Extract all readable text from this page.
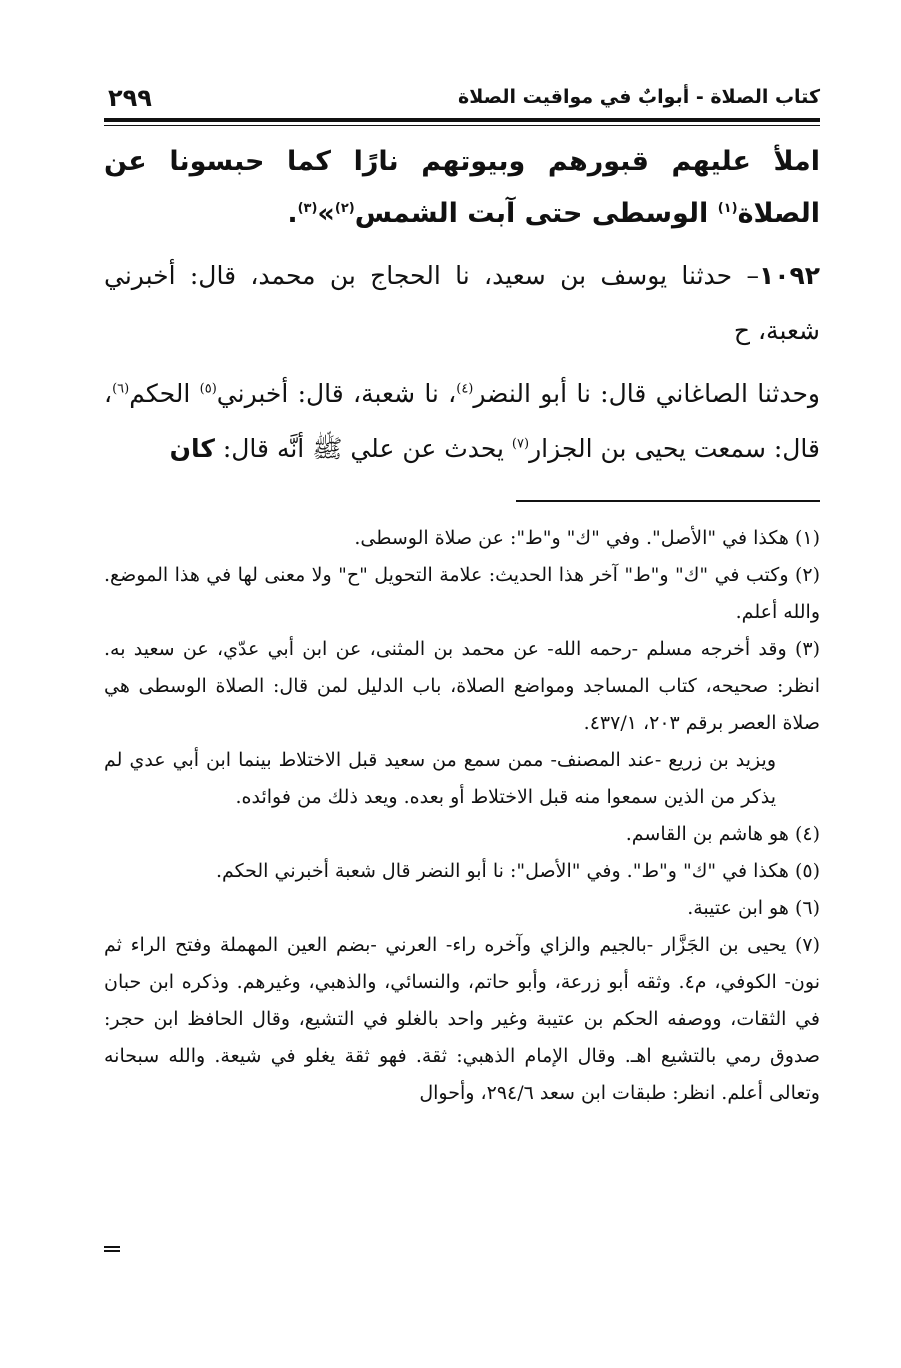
كتاب الصلاة - أبوابٌ في مواقيت الصلاة
٢٩٩

املأ عليهم قبورهم وبيوتهم نارًا كما حبسونا عن الصلاة$^{(١)}$ الوسطى حتى آبت الشمس$^{(٢)}$»$^{(٣)}$.

١٠٩٢– حدثنا يوسف بن سعيد، نا الحجاج بن محمد، قال: أخبرني شعبة، ح

وحدثنا الصاغاني قال: نا أبو النضر$^{(٤)}$، نا شعبة، قال: أخبرني$^{(٥)}$ الحكم$^{(٦)}$، قال: سمعت يحيى بن الجزار$^{(٧)}$ يحدث عن علي ﷺ أنَّه قال: كان

(١) هكذا في "الأصل". وفي "ك" و"ط": عن صلاة الوسطى.

(٢) وكتب في "ك" و"ط" آخر هذا الحديث: علامة التحويل "ح" ولا معنى لها في هذا الموضع. والله أعلم.

(٣) وقد أخرجه مسلم -رحمه الله- عن محمد بن المثنى، عن ابن أبي عدّي، عن سعيد به. انظر: صحيحه، كتاب المساجد ومواضع الصلاة، باب الدليل لمن قال: الصلاة الوسطى هي صلاة العصر برقم ٢٠٣، ٤٣٧/١.

ويزيد بن زريع -عند المصنف- ممن سمع من سعيد قبل الاختلاط بينما ابن أبي عدي لم يذكر من الذين سمعوا منه قبل الاختلاط أو بعده. ويعد ذلك من فوائده.

(٤) هو هاشم بن القاسم.

(٥) هكذا في "ك" و"ط". وفي "الأصل": نا أبو النضر قال شعبة أخبرني الحكم.

(٦) هو ابن عتيبة.

(٧) يحيى بن الجَزَّار -بالجيم والزاي وآخره راء- العرني -بضم العين المهملة وفتح الراء ثم نون- الكوفي، م٤. وثقه أبو زرعة، وأبو حاتم، والنسائي، والذهبي، وغيرهم. وذكره ابن حبان في الثقات، ووصفه الحكم بن عتيبة وغير واحد بالغلو في التشيع، وقال الحافظ ابن حجر: صدوق رمي بالتشيع اهـ. وقال الإمام الذهبي: ثقة. فهو ثقة يغلو في شيعة. والله سبحانه وتعالى أعلم. انظر: طبقات ابن سعد ٢٩٤/٦، وأحوال
